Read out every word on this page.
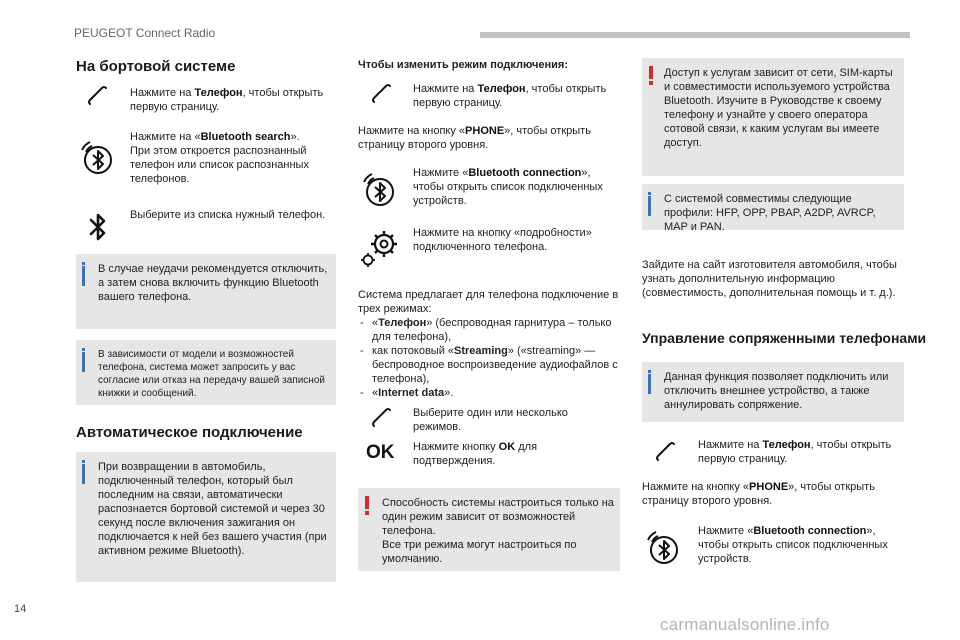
PEUGEOT Connect Radio
На бортовой системе

Нажмите на Телефон, чтобы открыть первую страницу.

Нажмите на «Bluetooth search».
При этом откроется распознанный телефон или список распознанных телефонов.

Выберите из списка нужный телефон.

В случае неудачи рекомендуется отключить, а затем снова включить функцию Bluetooth вашего телефона.

В зависимости от модели и возможностей телефона, система может запросить у вас согласие или отказ на передачу вашей записной книжки и сообщений.

Автоматическое подключение

При возвращении в автомобиль, подключенный телефон, который был последним на связи, автоматически распознается бортовой системой и через 30 секунд после включения зажигания он подключается к ней без вашего участия (при активном режиме Bluetooth).

Чтобы изменить режим подключения:

Нажмите на Телефон, чтобы открыть первую страницу.

Нажмите на кнопку «PHONE», чтобы открыть страницу второго уровня.

Нажмите «Bluetooth connection», чтобы открыть список подключенных устройств.

Нажмите на кнопку «подробности» подключенного телефона.

Система предлагает для телефона подключение в трех режимах:

- «Телефон» (беспроводная гарнитура – только для телефона),
- как потоковый «Streaming» («streaming» — беспроводное воспроизведение аудиофайлов с телефона),
- «Internet data».

Выберите один или несколько режимов.

OK Нажмите кнопку OK для подтверждения.

Способность системы настроиться только на один режим зависит от возможностей телефона.
Все три режима могут настроиться по умолчанию.

Доступ к услугам зависит от сети, SIM-карты и совместимости используемого устройства Bluetooth. Изучите в Руководстве к своему телефону и узнайте у своего оператора сотовой связи, к каким услугам вы имеете доступ.

С системой совместимы следующие профили: HFP, OPP, PBAP, A2DP, AVRCP, MAP и PAN.

Зайдите на сайт изготовителя автомобиля, чтобы узнать дополнительную информацию (совместимость, дополнительная помощь и т. д.).

Управление сопряженными телефонами

Данная функция позволяет подключить или отключить внешнее устройство, а также аннулировать сопряжение.

Нажмите на Телефон, чтобы открыть первую страницу.

Нажмите на кнопку «PHONE», чтобы открыть страницу второго уровня.

Нажмите «Bluetooth connection», чтобы открыть список подключенных устройств.

14
carmanualsonline.info
